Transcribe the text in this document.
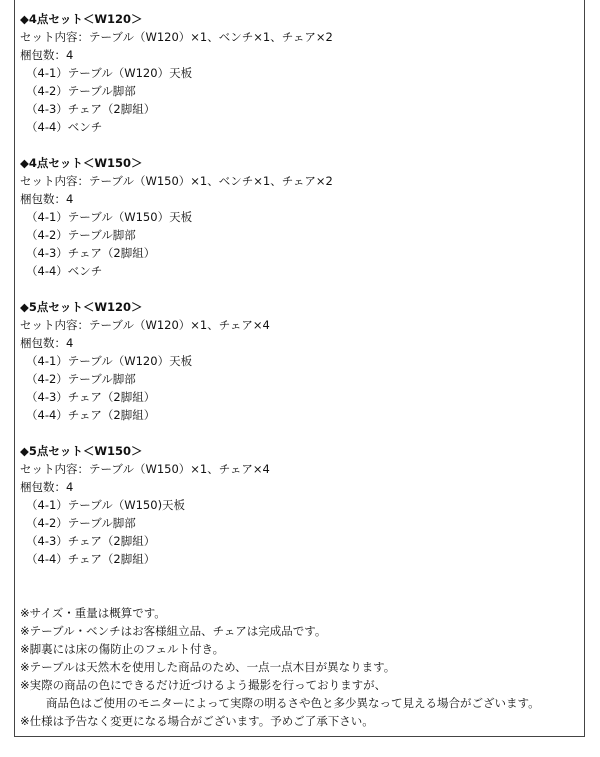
◆4点セット＜W120＞
セット内容：テーブル（W120）×1、ベンチ×1、チェア×2
梱包数：4
（4-1）テーブル（W120）天板
（4-2）テーブル脚部
（4-3）チェア（2脚組）
（4-4）ベンチ
◆4点セット＜W150＞
セット内容：テーブル（W150）×1、ベンチ×1、チェア×2
梱包数：4
（4-1）テーブル（W150）天板
（4-2）テーブル脚部
（4-3）チェア（2脚組）
（4-4）ベンチ
◆5点セット＜W120＞
セット内容：テーブル（W120）×1、チェア×4
梱包数：4
（4-1）テーブル（W120）天板
（4-2）テーブル脚部
（4-3）チェア（2脚組）
（4-4）チェア（2脚組）
◆5点セット＜W150＞
セット内容：テーブル（W150）×1、チェア×4
梱包数：4
（4-1）テーブル（W150)天板
（4-2）テーブル脚部
（4-3）チェア（2脚組）
（4-4）チェア（2脚組）
※サイズ・重量は概算です。
※テーブル・ベンチはお客様組立品、チェアは完成品です。
※脚裏には床の傷防止のフェルト付き。
※テーブルは天然木を使用した商品のため、一点一点木目が異なります。
※実際の商品の色にできるだけ近づけるよう撮影を行っておりますが、
商品色はご使用のモニターによって実際の明るさや色と多少異なって見える場合がございます。
※仕様は予告なく変更になる場合がございます。予めご了承下さい。
